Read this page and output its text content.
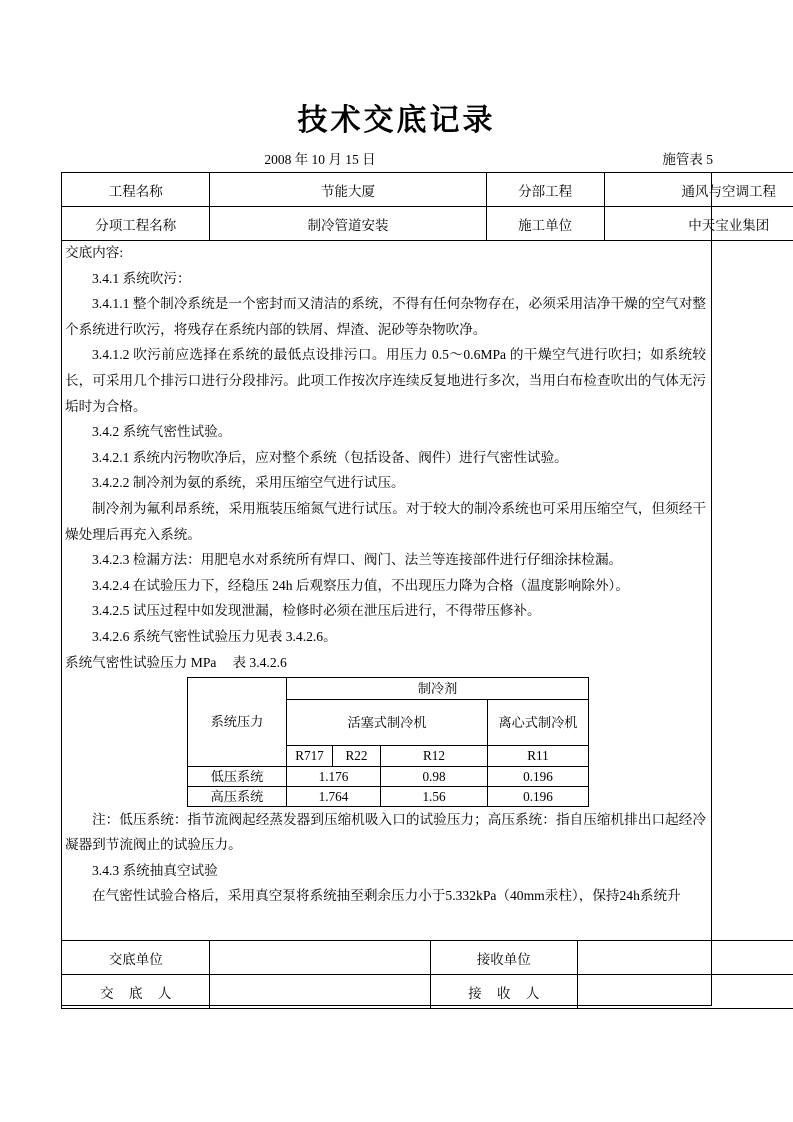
技术交底记录
2008 年 10 月 15 日	施管表 5
工程名称	节能大厦	分部工程	通风与空调工程
分项工程名称	制冷管道安装	施工单位	中天宝业集团

交底内容:

3.4.1 系统吹污：

3.4.1.1 整个制冷系统是一个密封而又清洁的系统，不得有任何杂物存在，必须采用洁净干燥的空气对整个系统进行吹污，将残存在系统内部的铁屑、焊渣、泥砂等杂物吹净。

3.4.1.2 吹污前应选择在系统的最低点设排污口。用压力 0.5～0.6MPa 的干燥空气进行吹扫；如系统较长，可采用几个排污口进行分段排污。此项工作按次序连续反复地进行多次，当用白布检查吹出的气体无污垢时为合格。

3.4.2 系统气密性试验。

3.4.2.1 系统内污物吹净后，应对整个系统（包括设备、阀件）进行气密性试验。

3.4.2.2 制冷剂为氨的系统，采用压缩空气进行试压。

制冷剂为氟利昂系统，采用瓶装压缩氮气进行试压。对于较大的制冷系统也可采用压缩空气，但须经干燥处理后再充入系统。

3.4.2.3 检漏方法：用肥皂水对系统所有焊口、阀门、法兰等连接部件进行仔细涂抹检漏。

3.4.2.4 在试验压力下，经稳压 24h 后观察压力值，不出现压力降为合格（温度影响除外）。

3.4.2.5 试压过程中如发现泄漏，检修时必须在泄压后进行，不得带压修补。

3.4.2.6 系统气密性试验压力见表 3.4.2.6。

系统气密性试验压力 MPa 表 3.4.2.6

系统压力	制冷剂			
	活塞式制冷机			离心式制冷机
	R717	R22	R12	R11
低压系统	1.176		0.98	0.196
高压系统	1.764		1.56	0.196

注：低压系统：指节流阀起经蒸发器到压缩机吸入口的试验压力；高压系统：指自压缩机排出口起经冷凝器到节流阀止的试验压力。

3.4.3 系统抽真空试验

在气密性试验合格后，采用真空泵将系统抽至剩余压力小于5.332kPa（40mm汞柱），保持24h系统升

交底单位		接收单位	
交 底 人		接 收 人	
